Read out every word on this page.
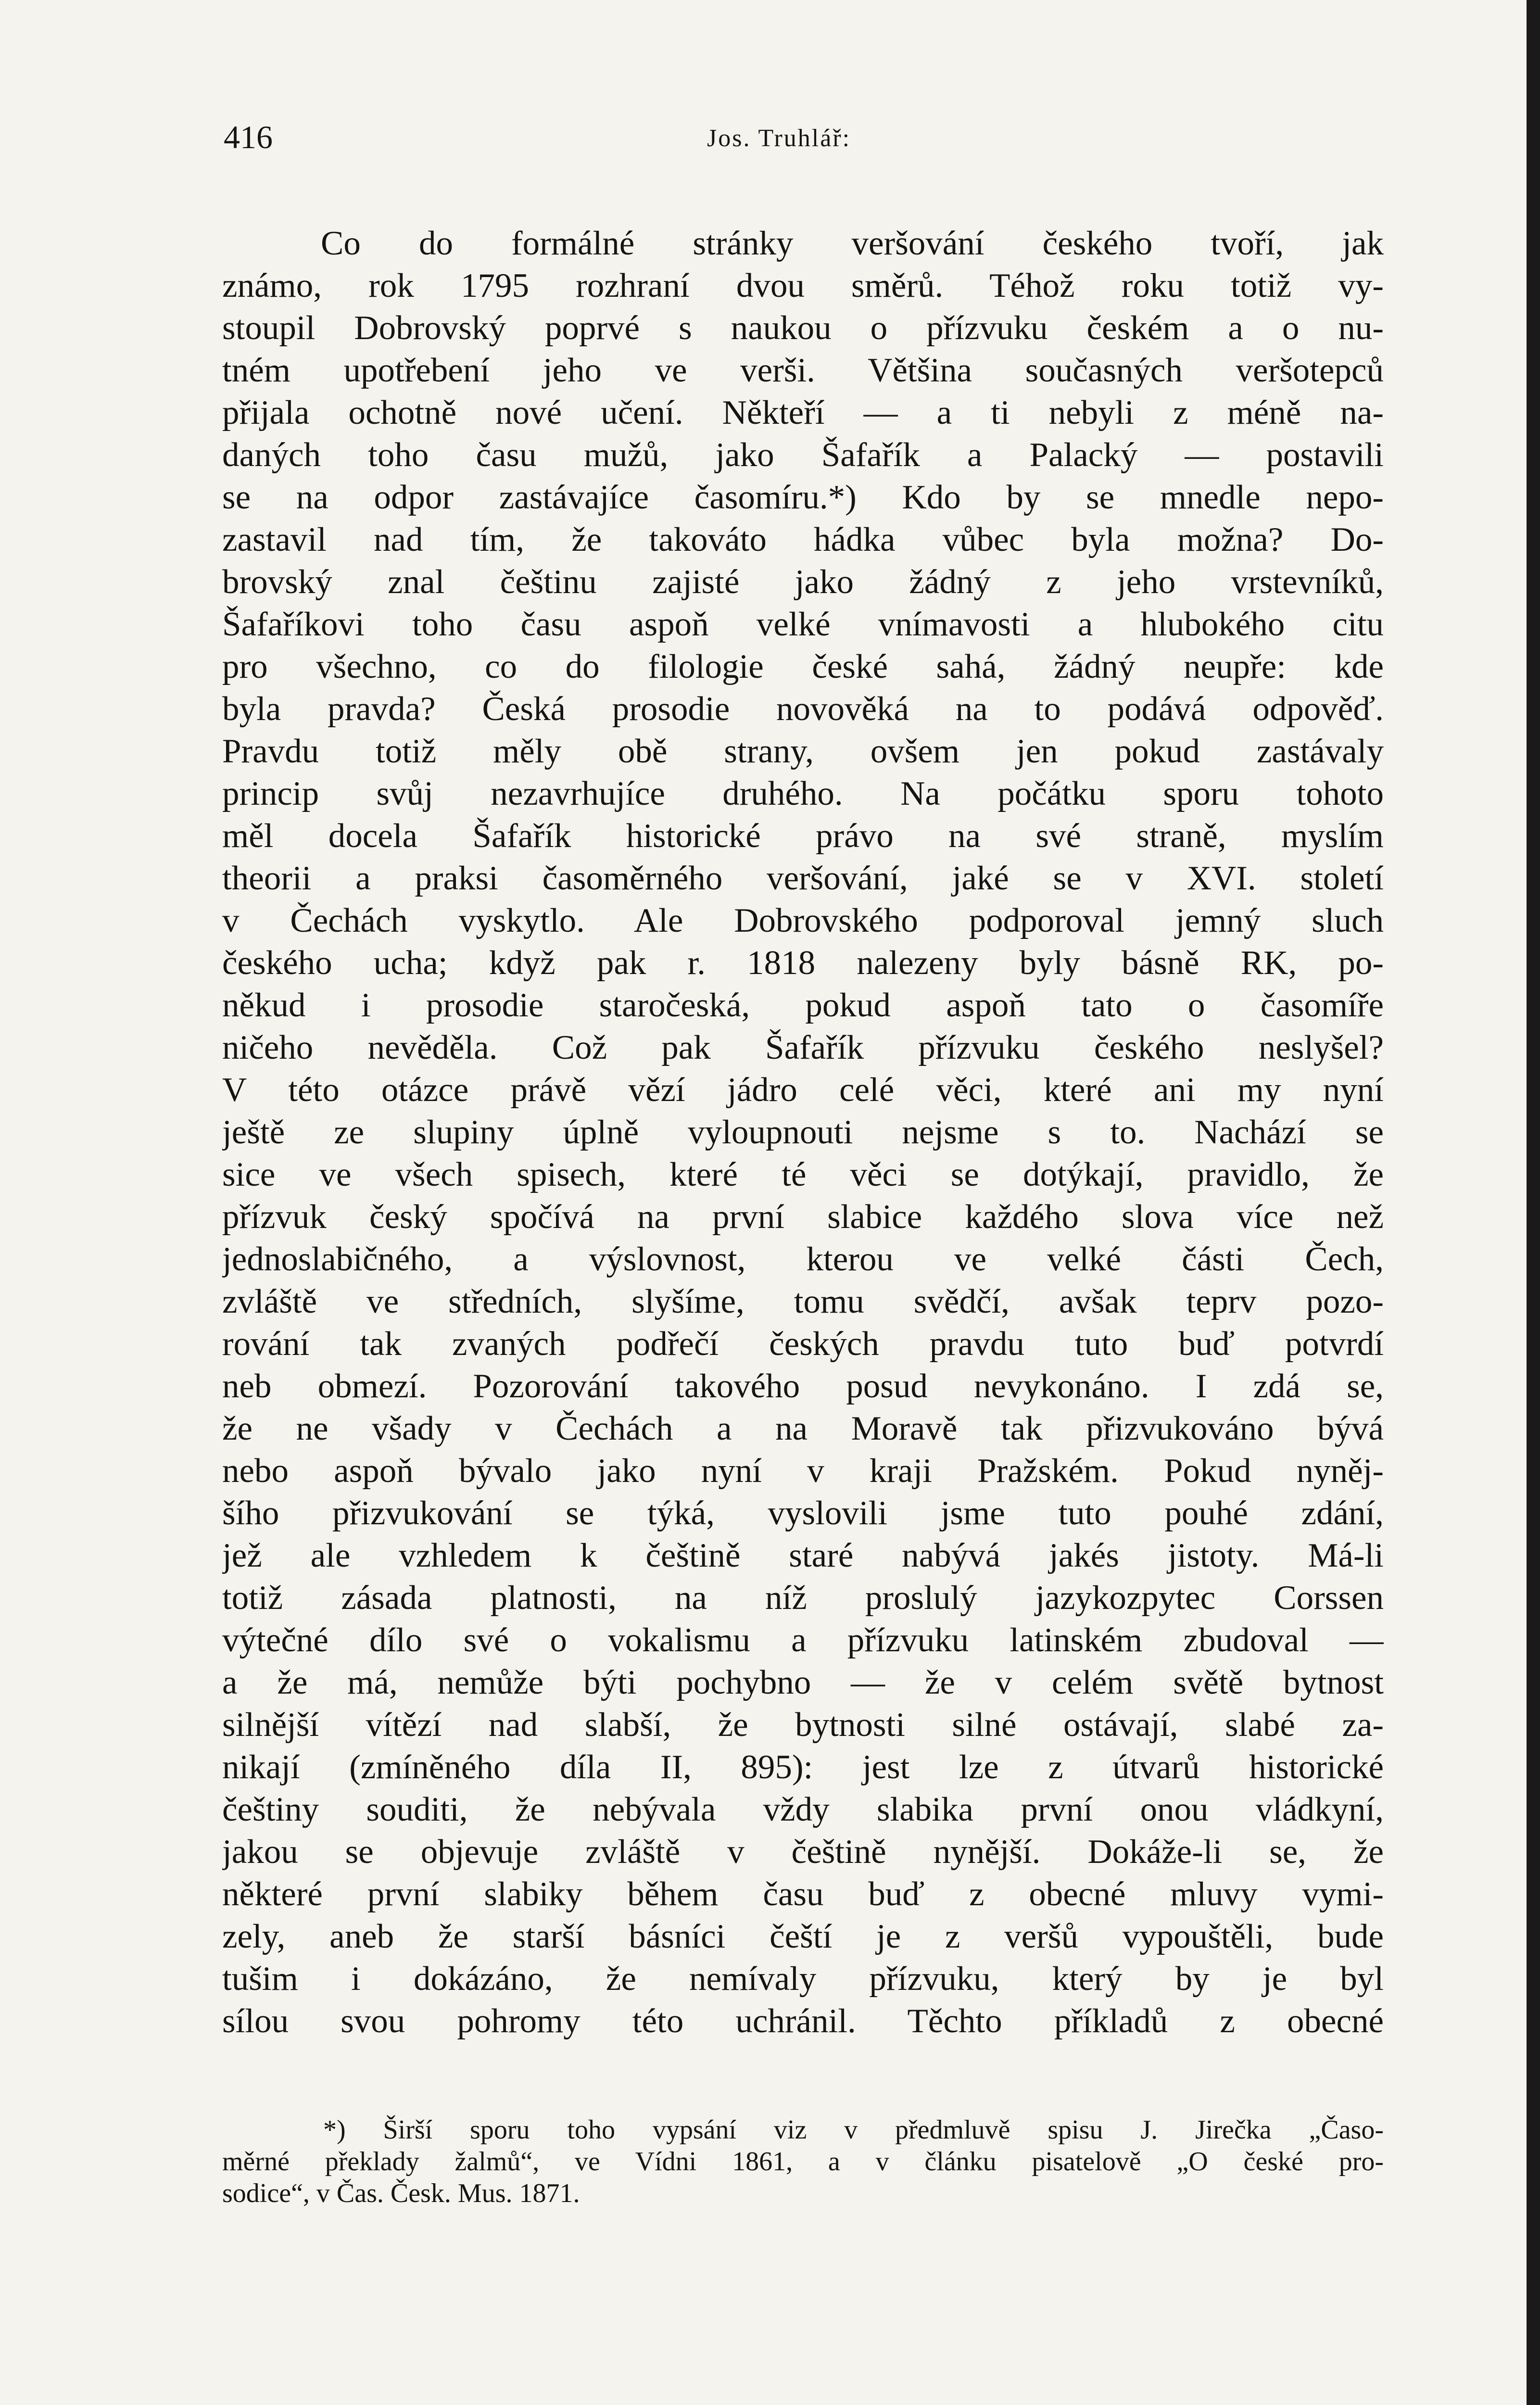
416	Jos. Truhlář:
Co do formálné stránky veršování českého tvoří, jak
známo, rok 1795 rozhraní dvou směrů. Téhož roku totiž vy-
stoupil Dobrovský poprvé s naukou o přízvuku českém a o nu-
tném upotřebení jeho ve verši. Většina současných veršotepců
přijala ochotně nové učení. Někteří — a ti nebyli z méně na-
daných toho času mužů, jako Šafařík a Palacký — postavili
se na odpor zastávajíce časomíru.*) Kdo by se mnedle nepo-
zastavil nad tím, že takováto hádka vůbec byla možna? Do-
brovský znal češtinu zajisté jako žádný z jeho vrstevníků,
Šafaříkovi toho času aspoň velké vnímavosti a hlubokého citu
pro všechno, co do filologie české sahá, žádný neupře: kde
byla pravda? Česká prosodie novověká na to podává odpověď.
Pravdu totiž měly obě strany, ovšem jen pokud zastávaly
princip svůj nezavrhujíce druhého. Na počátku sporu tohoto
měl docela Šafařík historické právo na své straně, myslím
theorii a praksi časoměrného veršování, jaké se v XVI. století
v Čechách vyskytlo. Ale Dobrovského podporoval jemný sluch
českého ucha; když pak r. 1818 nalezeny byly básně RK, po-
někud i prosodie staročeská, pokud aspoň tato o časomíře
ničeho nevěděla. Což pak Šafařík přízvuku českého neslyšel?
V této otázce právě vězí jádro celé věci, které ani my nyní
ještě ze slupiny úplně vyloupnouti nejsme s to. Nachází se
sice ve všech spisech, které té věci se dotýkají, pravidlo, že
přízvuk český spočívá na první slabice každého slova více než
jednoslabičného, a výslovnost, kterou ve velké části Čech,
zvláště ve středních, slyšíme, tomu svědčí, avšak teprv pozo-
rování tak zvaných podřečí českých pravdu tuto buď potvrdí
neb obmezí. Pozorování takového posud nevykonáno. I zdá se,
že ne všady v Čechách a na Moravě tak přizvukováno bývá
nebo aspoň bývalo jako nyní v kraji Pražském. Pokud nyněj-
šího přizvukování se týká, vyslovili jsme tuto pouhé zdání,
jež ale vzhledem k češtině staré nabývá jakés jistoty. Má-li
totiž zásada platnosti, na níž proslulý jazykozpytec Corssen
výtečné dílo své o vokalismu a přízvuku latinském zbudoval —
a že má, nemůže býti pochybno — že v celém světě bytnost
silnější vítězí nad slabší, že bytnosti silné ostávají, slabé za-
nikají (zmíněného díla II, 895): jest lze z útvarů historické
češtiny souditi, že nebývala vždy slabika první onou vládkyní,
jakou se objevuje zvláště v češtině nynější. Dokáže-li se, že
některé první slabiky během času buď z obecné mluvy vymi-
zely, aneb že starší básníci čeští je z veršů vypouštěli, bude
tušim i dokázáno, že nemívaly přízvuku, který by je byl
sílou svou pohromy této uchránil. Těchto příkladů z obecné
*) Širší sporu toho vypsání viz v předmluvě spisu J. Jirečka „Časo-
měrné překlady žalmů“, ve Vídni 1861, a v článku pisatelově „O české pro-
sodice“, v Čas. Česk. Mus. 1871.
